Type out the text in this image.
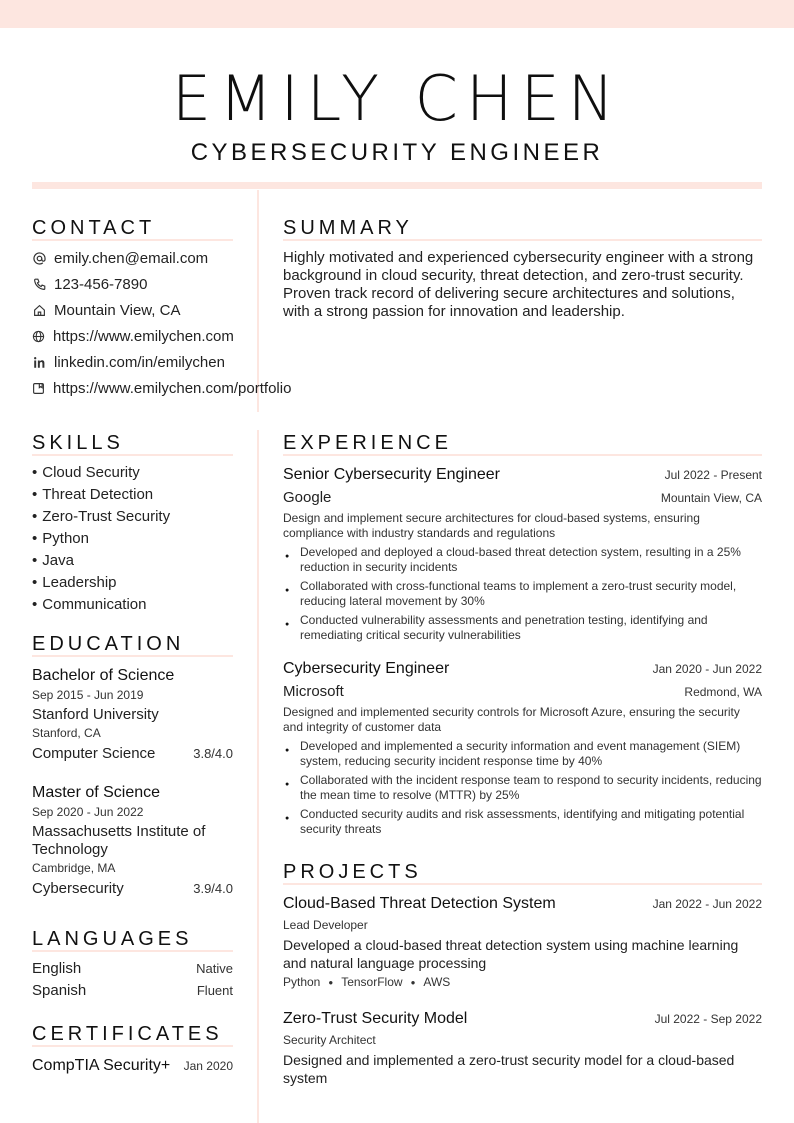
EMILY CHEN
CYBERSECURITY ENGINEER
CONTACT
emily.chen@email.com
123-456-7890
Mountain View, CA
https://www.emilychen.com
linkedin.com/in/emilychen
https://www.emilychen.com/portfolio
SUMMARY
Highly motivated and experienced cybersecurity engineer with a strong background in cloud security, threat detection, and zero-trust security. Proven track record of delivering secure architectures and solutions, with a strong passion for innovation and leadership.
SKILLS
• Cloud Security
• Threat Detection
• Zero-Trust Security
• Python
• Java
• Leadership
• Communication
EDUCATION
Bachelor of Science
Sep 2015 - Jun 2019
Stanford University
Stanford, CA
Computer Science	3.8/4.0
Master of Science
Sep 2020 - Jun 2022
Massachusetts Institute of Technology
Cambridge, MA
Cybersecurity	3.9/4.0
LANGUAGES
English	Native
Spanish	Fluent
CERTIFICATES
CompTIA Security+ Jan 2020
EXPERIENCE
Senior Cybersecurity Engineer	Jul 2022 - Present
Google	Mountain View, CA
Design and implement secure architectures for cloud-based systems, ensuring compliance with industry standards and regulations
● Developed and deployed a cloud-based threat detection system, resulting in a 25% reduction in security incidents
● Collaborated with cross-functional teams to implement a zero-trust security model, reducing lateral movement by 30%
● Conducted vulnerability assessments and penetration testing, identifying and remediating critical security vulnerabilities
Cybersecurity Engineer	Jan 2020 - Jun 2022
Microsoft	Redmond, WA
Designed and implemented security controls for Microsoft Azure, ensuring the security and integrity of customer data
● Developed and implemented a security information and event management (SIEM) system, reducing security incident response time by 40%
● Collaborated with the incident response team to respond to security incidents, reducing the mean time to resolve (MTTR) by 25%
● Conducted security audits and risk assessments, identifying and mitigating potential security threats
PROJECTS
Cloud-Based Threat Detection System	Jan 2022 - Jun 2022
Lead Developer
Developed a cloud-based threat detection system using machine learning and natural language processing
Python ● TensorFlow ● AWS
Zero-Trust Security Model	Jul 2022 - Sep 2022
Security Architect
Designed and implemented a zero-trust security model for a cloud-based system
